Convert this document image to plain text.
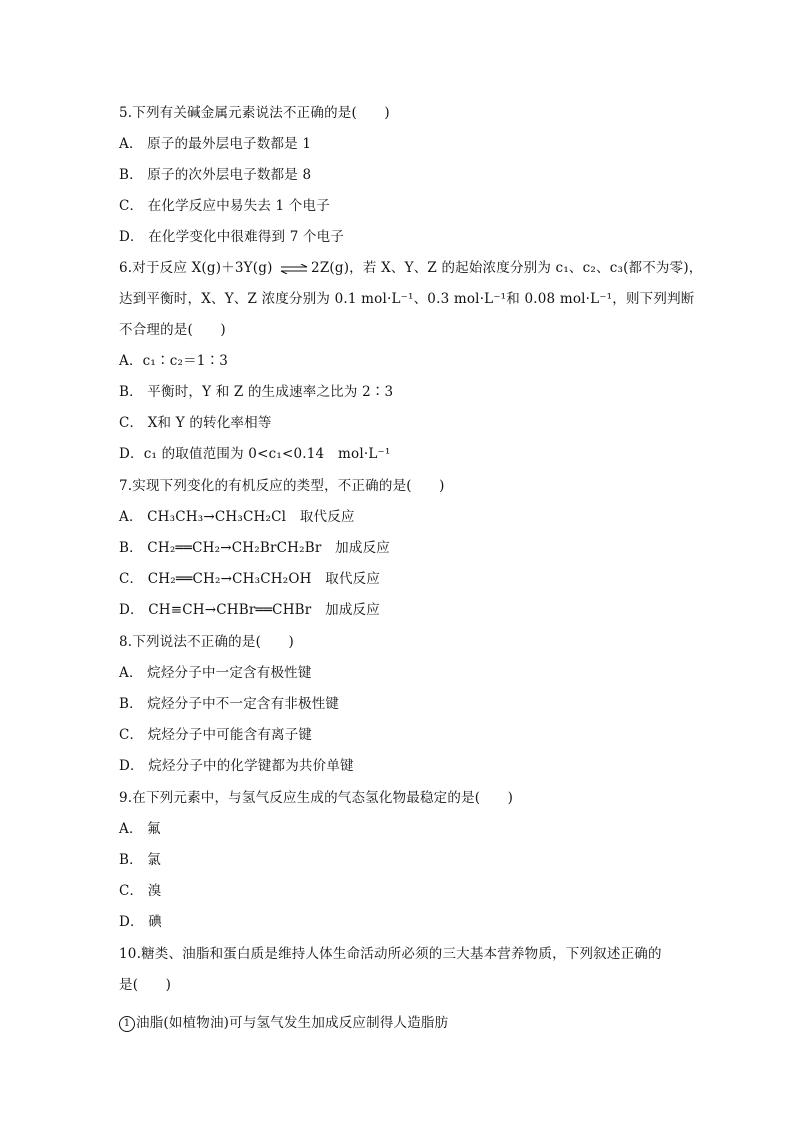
5.下列有关碱金属元素说法不正确的是(　　)
A． 原子的最外层电子数都是 1
B． 原子的次外层电子数都是 8
C． 在化学反应中易失去 1 个电子
D． 在化学变化中很难得到 7 个电子
6.对于反应 X(g)＋3Y(g) ⇌ 2Z(g)，若 X、Y、Z 的起始浓度分别为 c₁、c₂、c₃(都不为零)，
达到平衡时，X、Y、Z 浓度分别为 0.1 mol·L⁻¹、0.3 mol·L⁻¹和 0.08 mol·L⁻¹，则下列判断
不合理的是(　　)
A．c₁∶c₂＝1∶3
B． 平衡时，Y 和 Z 的生成速率之比为 2∶3
C． X和 Y 的转化率相等
D．c₁ 的取值范围为 0<c₁<0.14　mol·L⁻¹
7.实现下列变化的有机反应的类型，不正确的是(　　)
A． CH₃CH₃→CH₃CH₂Cl　取代反应
B． CH₂══CH₂→CH₂BrCH₂Br　加成反应
C． CH₂══CH₂→CH₃CH₂OH　取代反应
D． CH≡CH→CHBr══CHBr　加成反应
8.下列说法不正确的是(　　)
A． 烷烃分子中一定含有极性键
B． 烷烃分子中不一定含有非极性键
C． 烷烃分子中可能含有离子键
D． 烷烃分子中的化学键都为共价单键
9.在下列元素中，与氢气反应生成的气态氢化物最稳定的是(　　)
A． 氟
B． 氯
C． 溴
D． 碘
10.糖类、油脂和蛋白质是维持人体生命活动所必须的三大基本营养物质，下列叙述正确的
是(　　)
1 油脂(如植物油)可与氢气发生加成反应制得人造脂肪
